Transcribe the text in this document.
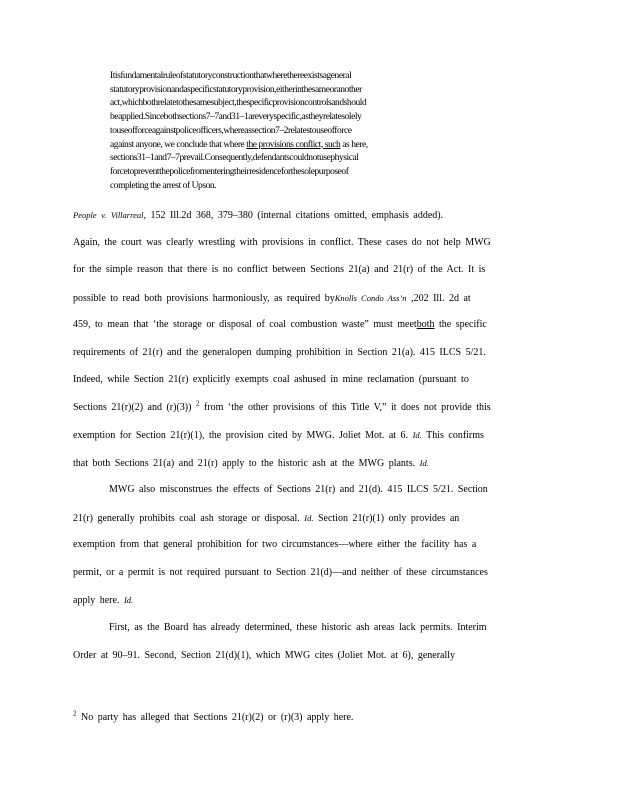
Itisfundamentalruleofstatutoryconstructionthatwherethereexistsageneral
statutoryprovisionandaspecificstatutoryprovision,eitherinthesameoranother
act,whichbothrelatetothesamesubject,thespecificprovisioncontrolsandshould
beapplied.Sincebothsections7–7and31–1areveryspecific,astheyrelatesolely
touseofforceagainstpoliceofficers,whereassection7–2relatestouseofforce
against anyone, we conclude that where the provisions conflict, such as here,
sections31–1and7–7prevail.Consequently,defendantscouldnotusephysical
forcetopreventthepolicefromenteringtheirresidenceforthesolepurposeof
completing the arrest of Upson.
People v. Villarreal, 152 Ill.2d 368, 379–380 (internal citations omitted, emphasis added).
Again, the court was clearly wrestling with provisions in conflict. These cases do not help MWG
for the simple reason that there is no conflict between Sections 21(a) and 21(r) of the Act. It is
possible to read both provisions harmoniously, as required byKnolls Condo Ass’n ,202 Ill. 2d at
459, to mean that ‘the storage or disposal of coal combustion waste” must meetboth the specific
requirements of 21(r) and the generalopen dumping prohibition in Section 21(a). 415 ILCS 5/21.
Indeed, while Section 21(r) explicitly exempts coal ashused in mine reclamation (pursuant to
Sections 21(r)(2) and (r)(3)) $^2$ from ‘the other provisions of this Title V,” it does not provide this
exemption for Section 21(r)(1), the provision cited by MWG. Joliet Mot. at 6. Id. This confirms
that both Sections 21(a) and 21(r) apply to the historic ash at the MWG plants. Id.
MWG also misconstrues the effects of Sections 21(r) and 21(d). 415 ILCS 5/21. Section
21(r) generally prohibits coal ash storage or disposal. Id. Section 21(r)(1) only provides an
exemption from that general prohibition for two circumstances—where either the facility has a
permit, or a permit is not required pursuant to Section 21(d)—and neither of these circumstances
apply here. Id.
First, as the Board has already determined, these historic ash areas lack permits. Interim
Order at 90–91. Second, Section 21(d)(1), which MWG cites (Joliet Mot. at 6), generally
$^2$ No party has alleged that Sections 21(r)(2) or (r)(3) apply here.
